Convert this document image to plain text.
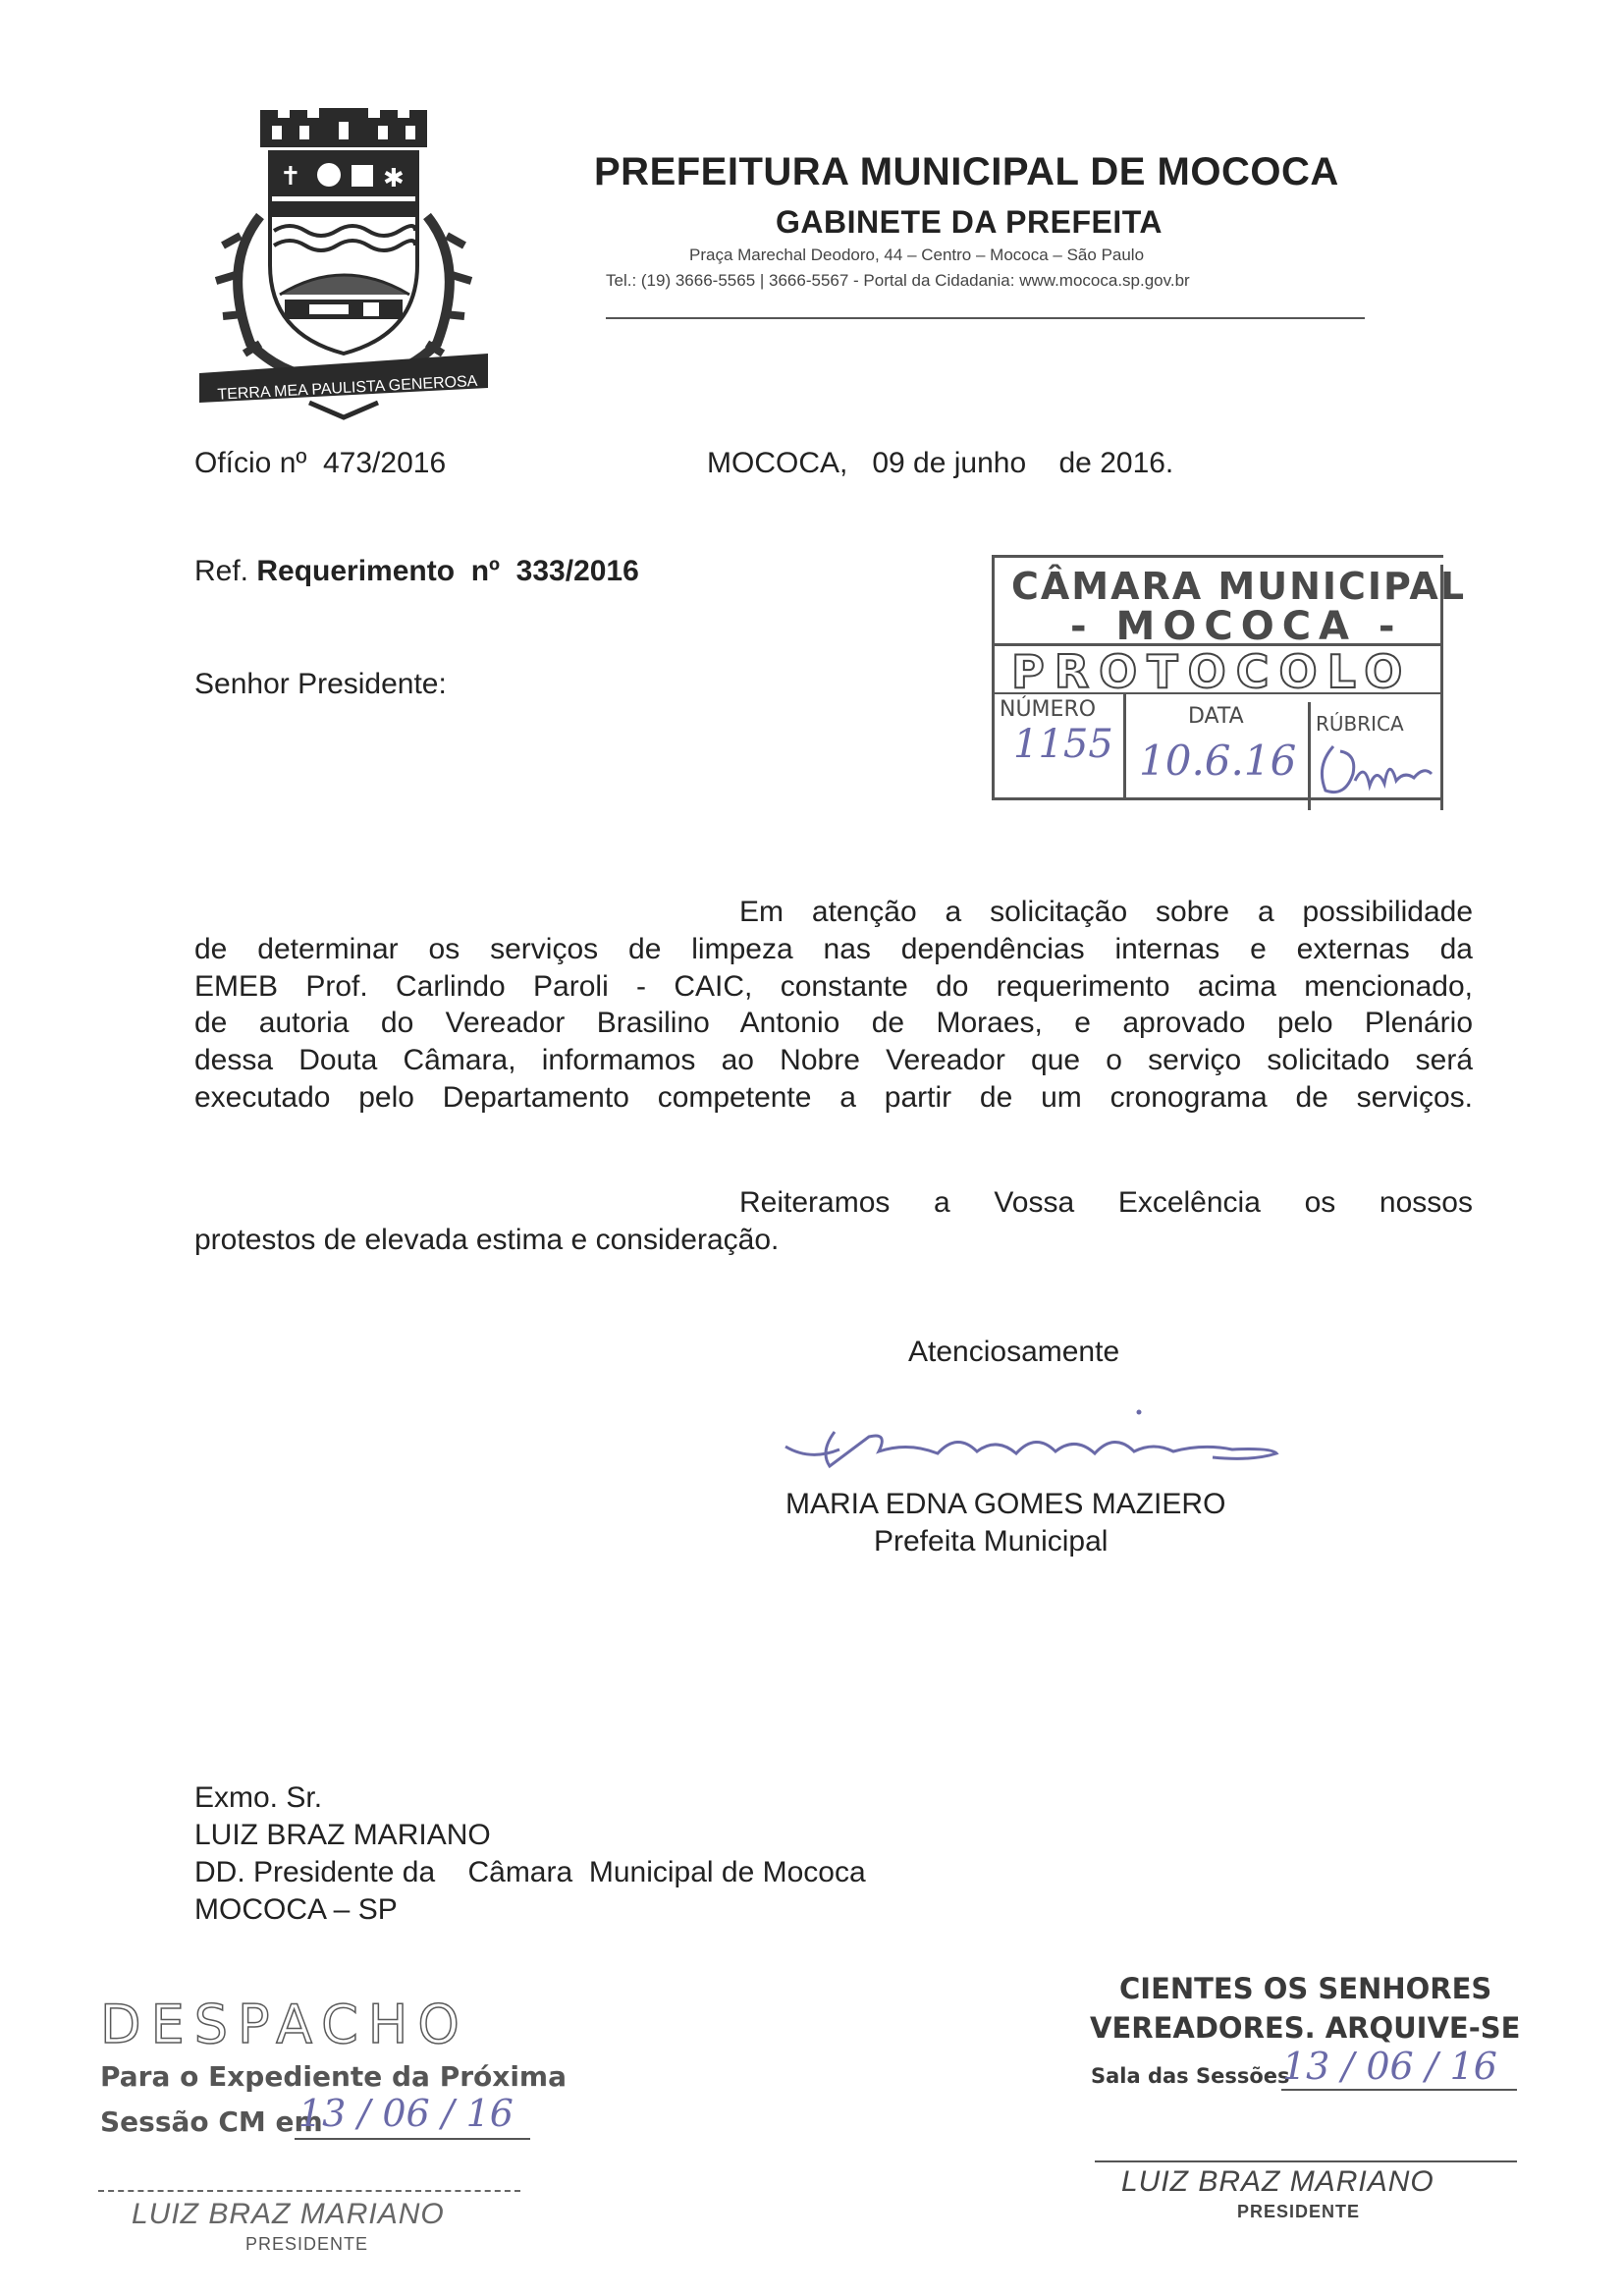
✝	✱
TERRA MEA PAULISTA GENEROSA
PREFEITURA MUNICIPAL DE MOCOCA
GABINETE DA PREFEITA
Praça Marechal Deodoro, 44 – Centro – Mococa – São Paulo
Tel.: (19) 3666-5565 | 3666-5567 - Portal da Cidadania: www.mococa.sp.gov.br
Ofício nº  473/2016	MOCOCA,   09 de junho    de 2016.
Ref. Requerimento  nº  333/2016
Senhor Presidente:
CÂMARA MUNICIPAL
- MOCOCA -
PROTOCOLO
NÚMERO	DATA	RÚBRICA
1155 10.6.16
Em atenção a solicitação sobre a possibilidade
de determinar os serviços de limpeza nas dependências internas e externas da
EMEB Prof. Carlindo Paroli - CAIC, constante do requerimento acima mencionado,
de autoria do Vereador Brasilino Antonio de Moraes, e aprovado pelo Plenário
dessa Douta Câmara, informamos ao Nobre Vereador que o serviço solicitado será
executado pelo Departamento competente a partir de um cronograma de serviços.
Reiteramos a Vossa Excelência os nossos
protestos de elevada estima e consideração.
Atenciosamente
MARIA EDNA GOMES MAZIERO
Prefeita Municipal
Exmo. Sr.
LUIZ BRAZ MARIANO
DD. Presidente da    Câmara  Municipal de Mococa
MOCOCA – SP
DESPACHO
Para o Expediente da Próxima
Sessão CM em
13 / 06 / 16
LUIZ BRAZ MARIANO
PRESIDENTE
CIENTES OS SENHORES
VEREADORES. ARQUIVE-SE
Sala das Sessões
13 / 06 / 16
LUIZ BRAZ MARIANO
PRESIDENTE
